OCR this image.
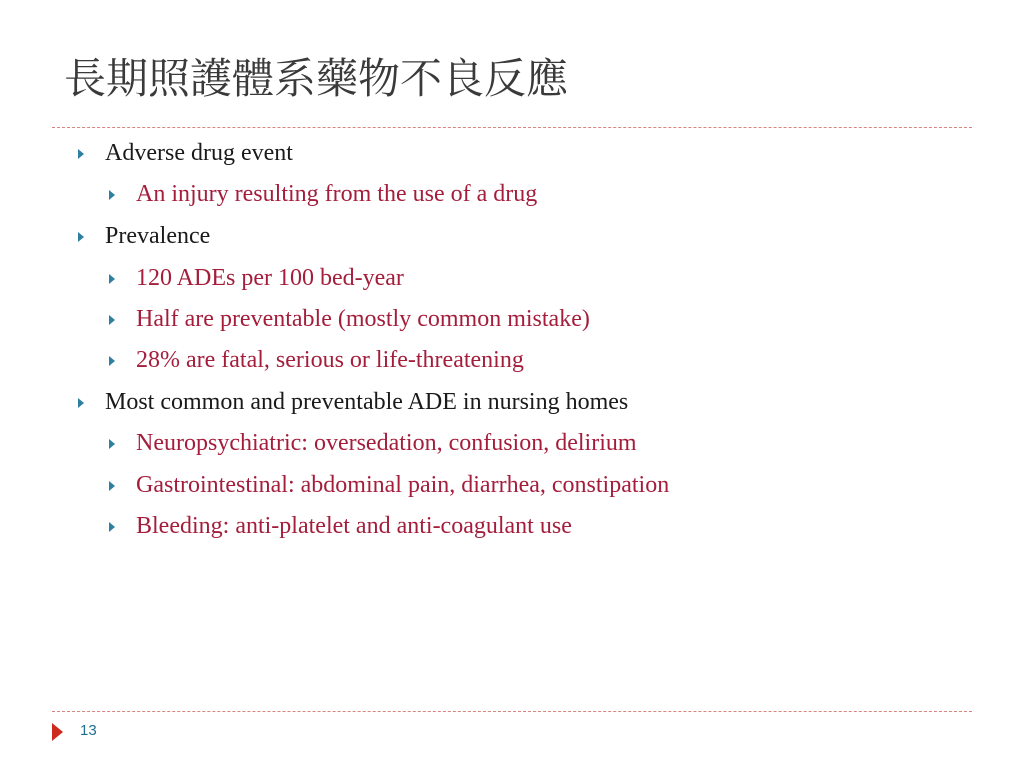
長期照護體系藥物不良反應
Adverse drug event
An injury resulting from the use of a drug
Prevalence
120 ADEs per 100 bed-year
Half are preventable (mostly common mistake)
28% are fatal, serious or life-threatening
Most common and preventable ADE in nursing homes
Neuropsychiatric: oversedation, confusion, delirium
Gastrointestinal: abdominal pain, diarrhea, constipation
Bleeding: anti-platelet and anti-coagulant use
13
